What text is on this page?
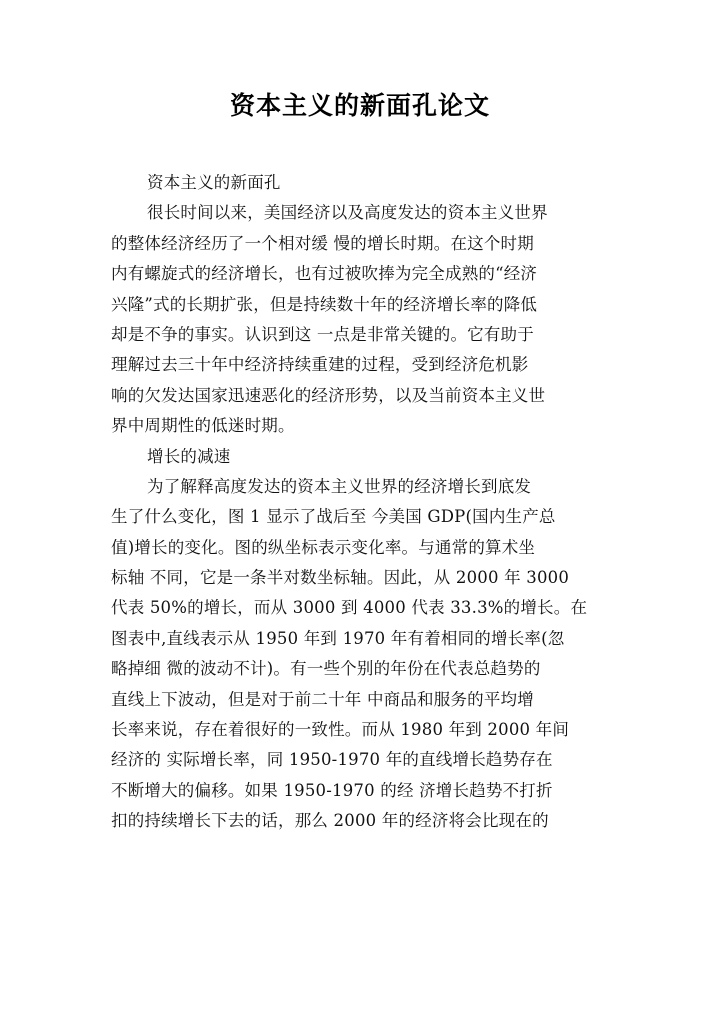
资本主义的新面孔论文
资本主义的新面孔
很长时间以来，美国经济以及高度发达的资本主义世界
的整体经济经历了一个相对缓 慢的增长时期。在这个时期
内有螺旋式的经济增长，也有过被吹捧为完全成熟的“经济
兴隆”式的长期扩张，但是持续数十年的经济增长率的降低
却是不争的事实。认识到这 一点是非常关键的。它有助于
理解过去三十年中经济持续重建的过程，受到经济危机影
响的欠发达国家迅速恶化的经济形势，以及当前资本主义世
界中周期性的低迷时期。
增长的减速
为了解释高度发达的资本主义世界的经济增长到底发
生了什么变化，图 1 显示了战后至 今美国 GDP(国内生产总
值)增长的变化。图的纵坐标表示变化率。与通常的算术坐
标轴 不同，它是一条半对数坐标轴。因此，从 2000 年 3000
代表 50%的增长，而从 3000 到 4000 代表 33.3%的增长。在
图表中,直线表示从 1950 年到 1970 年有着相同的增长率(忽
略掉细 微的波动不计)。有一些个别的年份在代表总趋势的
直线上下波动，但是对于前二十年 中商品和服务的平均增
长率来说，存在着很好的一致性。而从 1980 年到 2000 年间
经济的 实际增长率，同 1950-1970 年的直线增长趋势存在
不断增大的偏移。如果 1950-1970 的经 济增长趋势不打折
扣的持续增长下去的话，那么 2000 年的经济将会比现在的
